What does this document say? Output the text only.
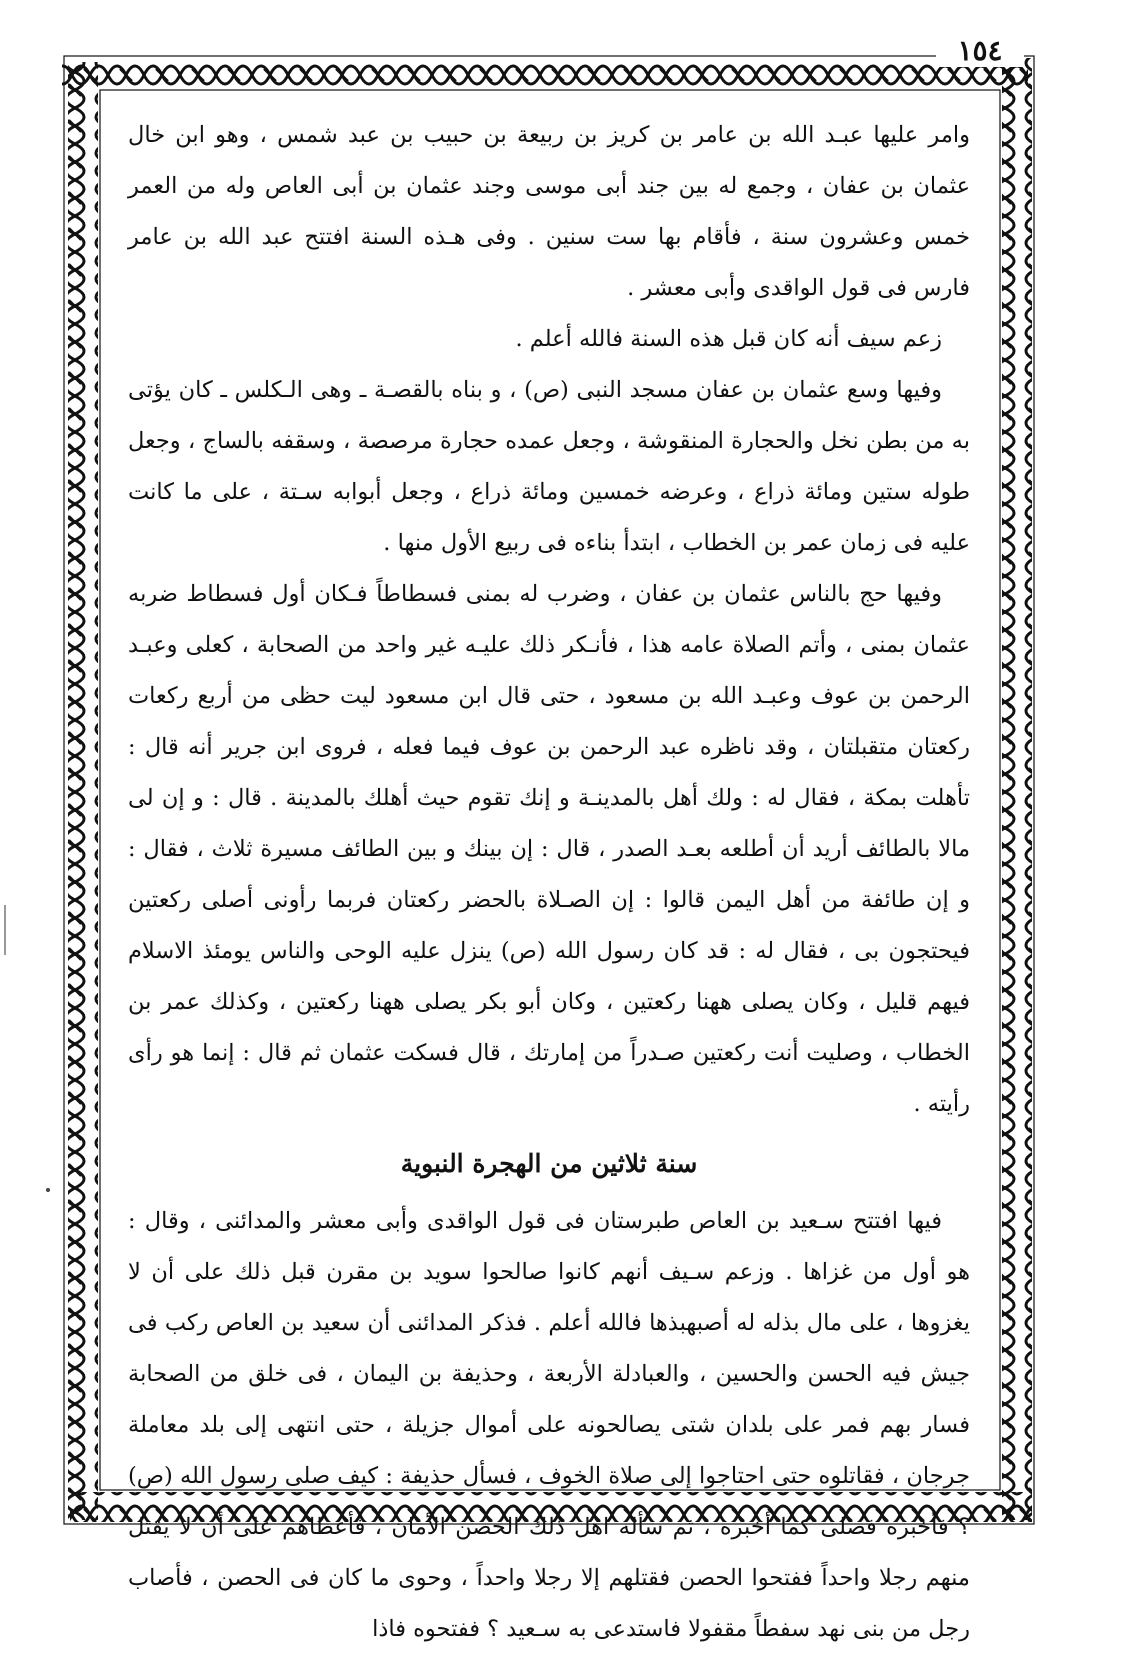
١٥٤

وامر عليها عبـد الله بن عامر بن كريز بن ربيعة بن حبيب بن عبد شمس ، وهو ابن خال عثمان بن عفان ، وجمع له بين جند أبى موسى وجند عثمان بن أبى العاص وله من العمر خمس وعشرون سنة ، فأقام بها ست سنين . وفى هـذه السنة افتتح عبد الله بن عامر فارس فى قول الواقدى وأبى معشر .

زعم سيف أنه كان قبل هذه السنة فالله أعلم .

وفيها وسع عثمان بن عفان مسجد النبى (ص) ، و بناه بالقصـة ـ وهى الـكلس ـ كان يؤتى به من بطن نخل والحجارة المنقوشة ، وجعل عمده حجارة مرصصة ، وسقفه بالساج ، وجعل طوله ستين ومائة ذراع ، وعرضه خمسين ومائة ذراع ، وجعل أبوابه سـتة ، على ما كانت عليه فى زمان عمر بن الخطاب ، ابتدأ بناءه فى ربيع الأول منها .

وفيها حج بالناس عثمان بن عفان ، وضرب له بمنى فسطاطاً فـكان أول فسطاط ضربه عثمان بمنى ، وأتم الصلاة عامه هذا ، فأنـكر ذلك عليـه غير واحد من الصحابة ، كعلى وعبـد الرحمن بن عوف وعبـد الله بن مسعود ، حتى قال ابن مسعود ليت حظى من أربع ركعات ركعتان متقبلتان ، وقد ناظره عبد الرحمن بن عوف فيما فعله ، فروى ابن جرير أنه قال : تأهلت بمكة ، فقال له : ولك أهل بالمدينـة و إنك تقوم حيث أهلك بالمدينة . قال : و إن لى مالا بالطائف أريد أن أطلعه بعـد الصدر ، قال : إن بينك و بين الطائف مسيرة ثلاث ، فقال : و إن طائفة من أهل اليمن قالوا : إن الصـلاة بالحضر ركعتان فربما رأونى أصلى ركعتين فيحتجون بى ، فقال له : قد كان رسول الله (ص) ينزل عليه الوحى والناس يومئذ الاسلام فيهم قليل ، وكان يصلى ههنا ركعتين ، وكان أبو بكر يصلى ههنا ركعتين ، وكذلك عمر بن الخطاب ، وصليت أنت ركعتين صـدراً من إمارتك ، قال فسكت عثمان ثم قال : إنما هو رأى رأيته .

سنة ثلاثين من الهجرة النبوية

فيها افتتح سـعيد بن العاص طبرستان فى قول الواقدى وأبى معشر والمدائنى ، وقال : هو أول من غزاها . وزعم سـيف أنهم كانوا صالحوا سويد بن مقرن قبل ذلك على أن لا يغزوها ، على مال بذله له أصبهبذها فالله أعلم . فذكر المدائنى أن سعيد بن العاص ركب فى جيش فيه الحسن والحسين ، والعبادلة الأربعة ، وحذيفة بن اليمان ، فى خلق من الصحابة فسار بهم فمر على بلدان شتى يصالحونه على أموال جزيلة ، حتى انتهى إلى بلد معاملة جرجان ، فقاتلوه حتى احتاجوا إلى صلاة الخوف ، فسأل حذيفة : كيف صلى رسول الله (ص) ؟ فأخبره فصلى كما أخبره ، ثم سأله اهل ذلك الحصن الأمان ، فأعطاهم على أن لا يقتل منهم رجلا واحداً ففتحوا الحصن فقتلهم إلا رجلا واحداً ، وحوى ما كان فى الحصن ، فأصاب رجل من بنى نهد سفطاً مقفولا فاستدعى به سـعيد ؟ ففتحوه فاذا
